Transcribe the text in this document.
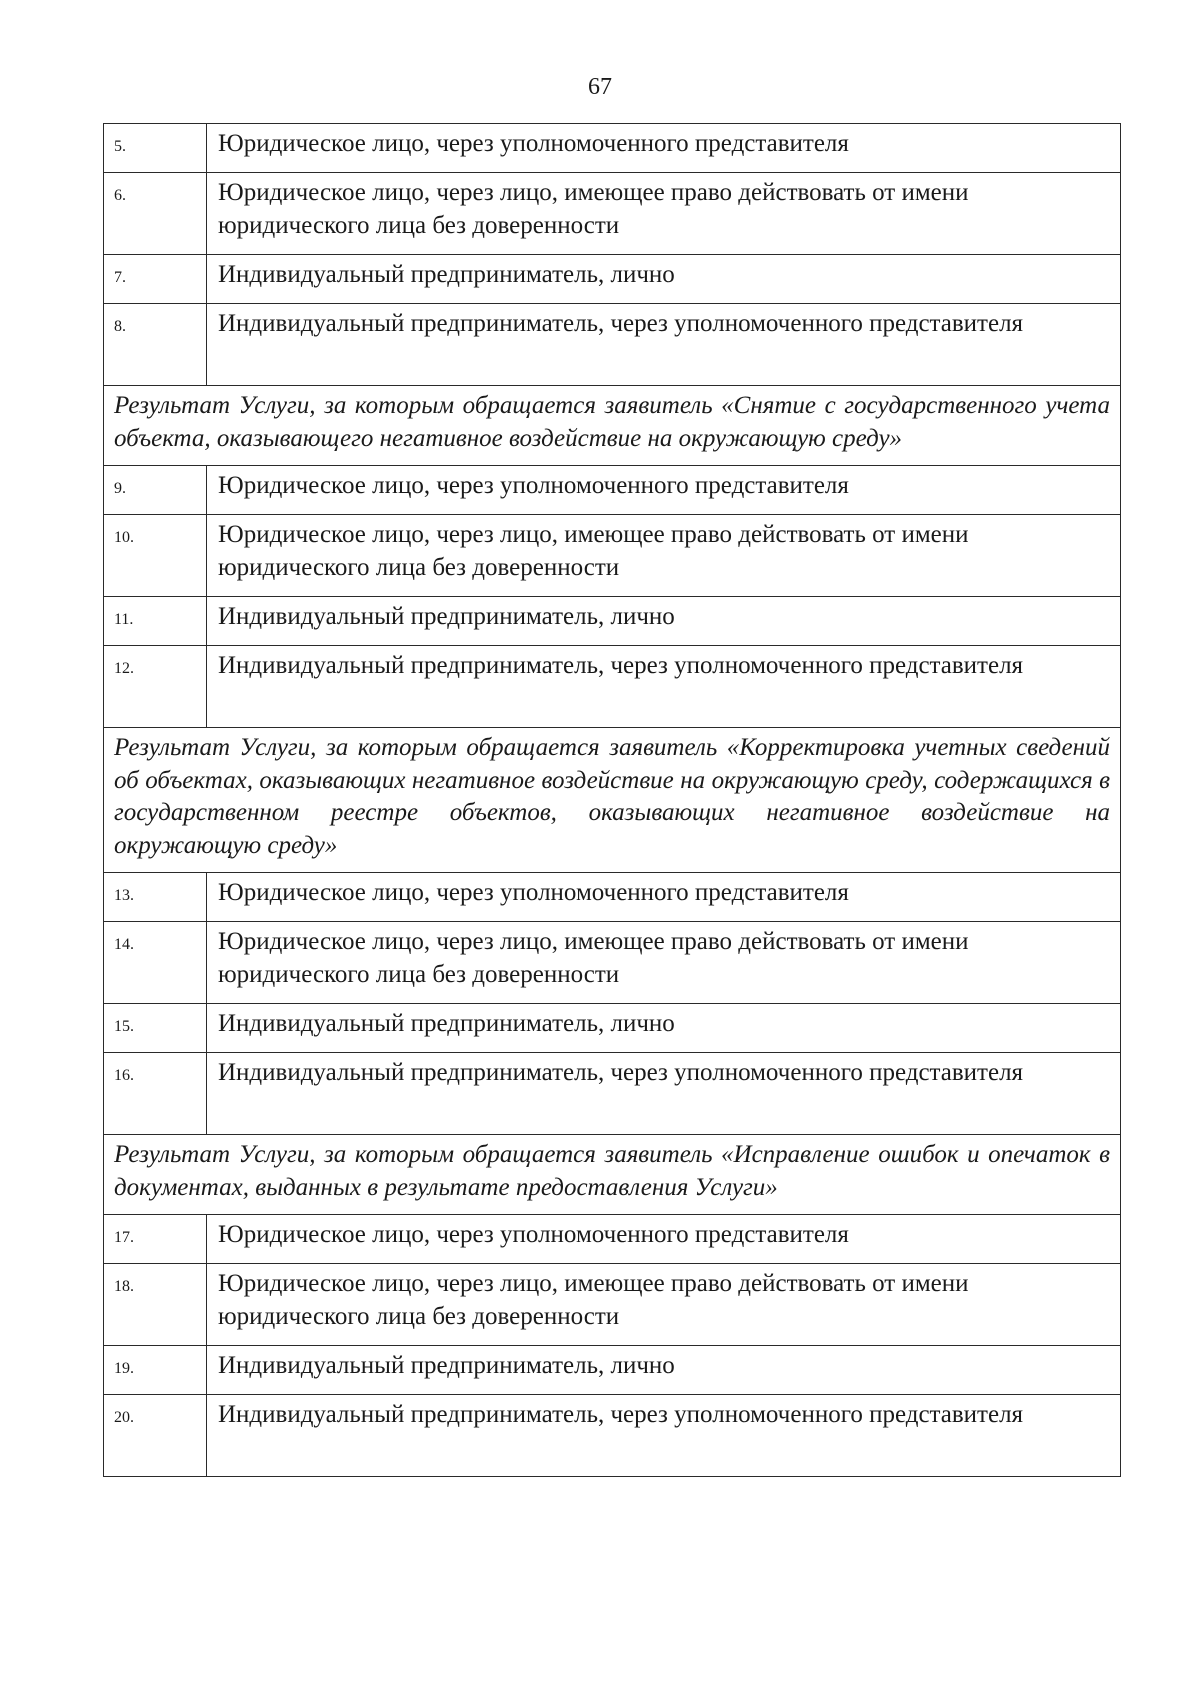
67
5.	Юридическое лицо, через уполномоченного представителя

6.	Юридическое лицо, через лицо, имеющее право действовать от имени юридического лица без доверенности

7.	Индивидуальный предприниматель, лично

8.	Индивидуальный предприниматель, через уполномоченного представителя
Результат Услуги, за которым обращается заявитель «Снятие с государственного учета объекта, оказывающего негативное воздействие на окружающую среду»	

9.	Юридическое лицо, через уполномоченного представителя

10.	Юридическое лицо, через лицо, имеющее право действовать от имени юридического лица без доверенности

11.	Индивидуальный предприниматель, лично

12.	Индивидуальный предприниматель, через уполномоченного представителя
Результат Услуги, за которым обращается заявитель «Корректировка учетных сведений об объектах, оказывающих негативное воздействие на окружающую среду, содержащихся в государственном реестре объектов, оказывающих негативное воздействие на окружающую среду»	

13.	Юридическое лицо, через уполномоченного представителя

14.	Юридическое лицо, через лицо, имеющее право действовать от имени юридического лица без доверенности

15.	Индивидуальный предприниматель, лично

16.	Индивидуальный предприниматель, через уполномоченного представителя
Результат Услуги, за которым обращается заявитель «Исправление ошибок и опечаток в документах, выданных в результате предоставления Услуги»	

17.	Юридическое лицо, через уполномоченного представителя

18.	Юридическое лицо, через лицо, имеющее право действовать от имени юридического лица без доверенности

19.	Индивидуальный предприниматель, лично

20.	Индивидуальный предприниматель, через уполномоченного представителя
